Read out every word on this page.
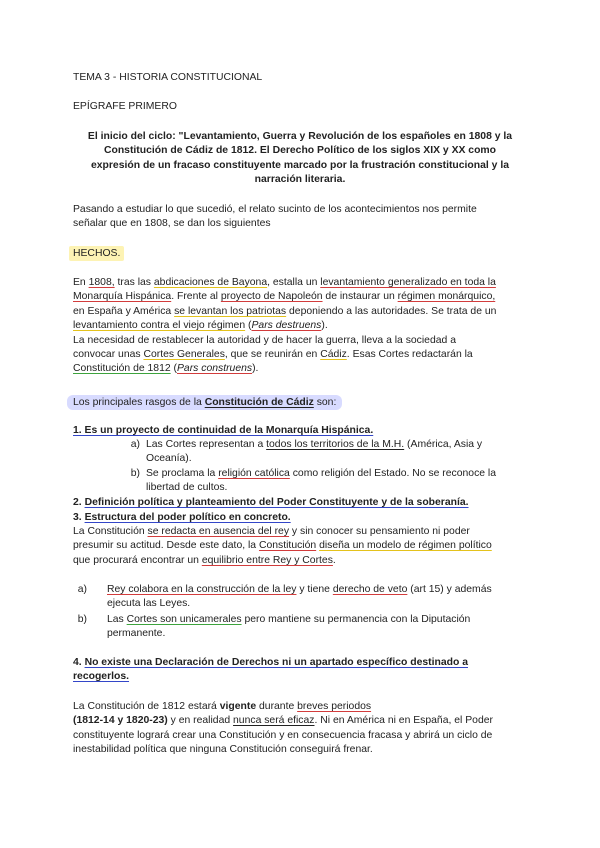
TEMA 3 - HISTORIA CONSTITUCIONAL
EPÍGRAFE PRIMERO
El inicio del ciclo: "Levantamiento, Guerra y Revolución de los españoles en 1808 y la
Constitución de Cádiz de 1812. El Derecho Político de los siglos XIX y XX como
expresión de un fracaso constituyente marcado por la frustración constitucional y la
narración literaria.
Pasando a estudiar lo que sucedió, el relato sucinto de los acontecimientos nos permite
señalar que en 1808, se dan los siguientes
HECHOS.
En 1808, tras las abdicaciones de Bayona, estalla un levantamiento generalizado en toda la
Monarquía Hispánica. Frente al proyecto de Napoleón de instaurar un régimen monárquico,
en España y América se levantan los patriotas deponiendo a las autoridades. Se trata de un
levantamiento contra el viejo régimen (Pars destruens).
La necesidad de restablecer la autoridad y de hacer la guerra, lleva a la sociedad a
convocar unas Cortes Generales, que se reunirán en Cádiz. Esas Cortes redactarán la
Constitución de 1812 (Pars construens).
Los principales rasgos de la Constitución de Cádiz son:
1. Es un proyecto de continuidad de la Monarquía Hispánica.
a) Las Cortes representan a todos los territorios de la M.H. (América, Asia y
Oceanía).
b) Se proclama la religión católica como religión del Estado. No se reconoce la
libertad de cultos.
2. Definición política y planteamiento del Poder Constituyente y de la soberanía.
3. Estructura del poder político en concreto.
La Constitución se redacta en ausencia del rey y sin conocer su pensamiento ni poder
presumir su actitud. Desde este dato, la Constitución diseña un modelo de régimen político
que procurará encontrar un equilibrio entre Rey y Cortes.
a) Rey colabora en la construcción de la ley y tiene derecho de veto (art 15) y además
ejecuta las Leyes.
b) Las Cortes son unicamerales pero mantiene su permanencia con la Diputación
permanente.
4. No existe una Declaración de Derechos ni un apartado específico destinado a
recogerlos.
La Constitución de 1812 estará vigente durante breves periodos
(1812-14 y 1820-23) y en realidad nunca será eficaz. Ni en América ni en España, el Poder
constituyente logrará crear una Constitución y en consecuencia fracasa y abrirá un ciclo de
inestabilidad política que ninguna Constitución conseguirá frenar.
